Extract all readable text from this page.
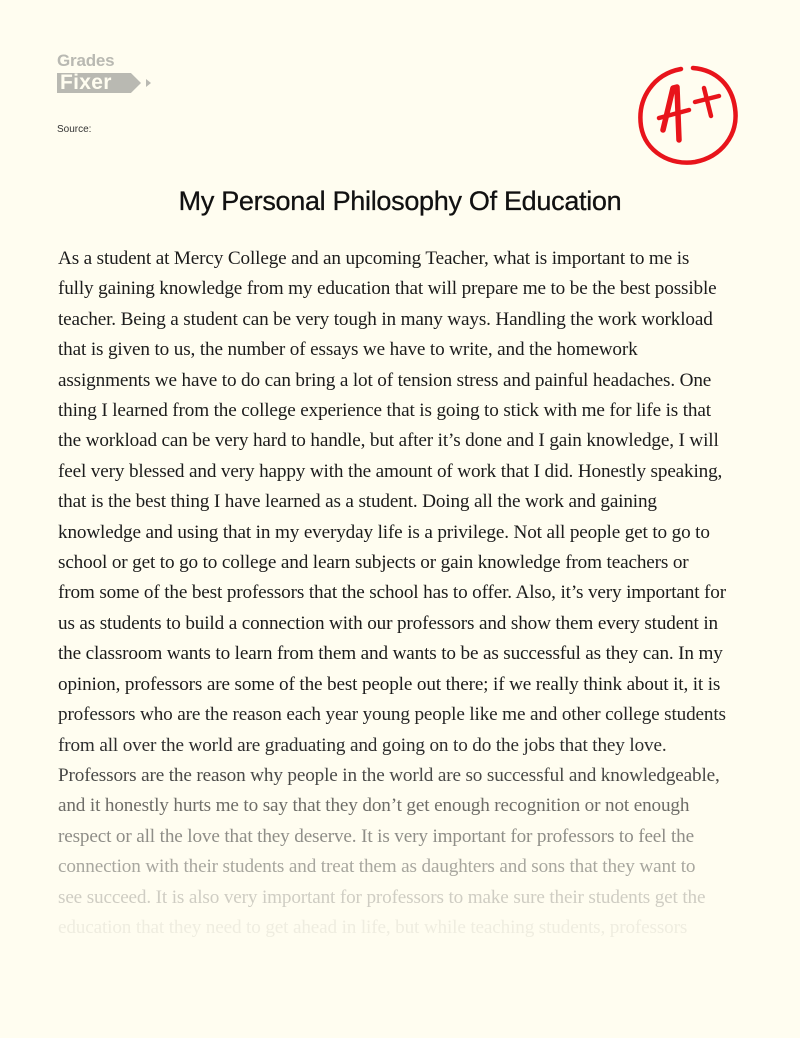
Grades
Fixer
Source:
My Personal Philosophy Of Education
As a student at Mercy College and an upcoming Teacher, what is important to me is
fully gaining knowledge from my education that will prepare me to be the best possible
teacher. Being a student can be very tough in many ways. Handling the work workload
that is given to us, the number of essays we have to write, and the homework
assignments we have to do can bring a lot of tension stress and painful headaches. One
thing I learned from the college experience that is going to stick with me for life is that
the workload can be very hard to handle, but after it’s done and I gain knowledge, I will
feel very blessed and very happy with the amount of work that I did. Honestly speaking,
that is the best thing I have learned as a student. Doing all the work and gaining
knowledge and using that in my everyday life is a privilege. Not all people get to go to
school or get to go to college and learn subjects or gain knowledge from teachers or
from some of the best professors that the school has to offer. Also, it’s very important for
us as students to build a connection with our professors and show them every student in
the classroom wants to learn from them and wants to be as successful as they can. In my
opinion, professors are some of the best people out there; if we really think about it, it is
professors who are the reason each year young people like me and other college students
from all over the world are graduating and going on to do the jobs that they love.
Professors are the reason why people in the world are so successful and knowledgeable,
and it honestly hurts me to say that they don’t get enough recognition or not enough
respect or all the love that they deserve. It is very important for professors to feel the
connection with their students and treat them as daughters and sons that they want to
see succeed. It is also very important for professors to make sure their students get the
education that they need to get ahead in life, but while teaching students, professors
